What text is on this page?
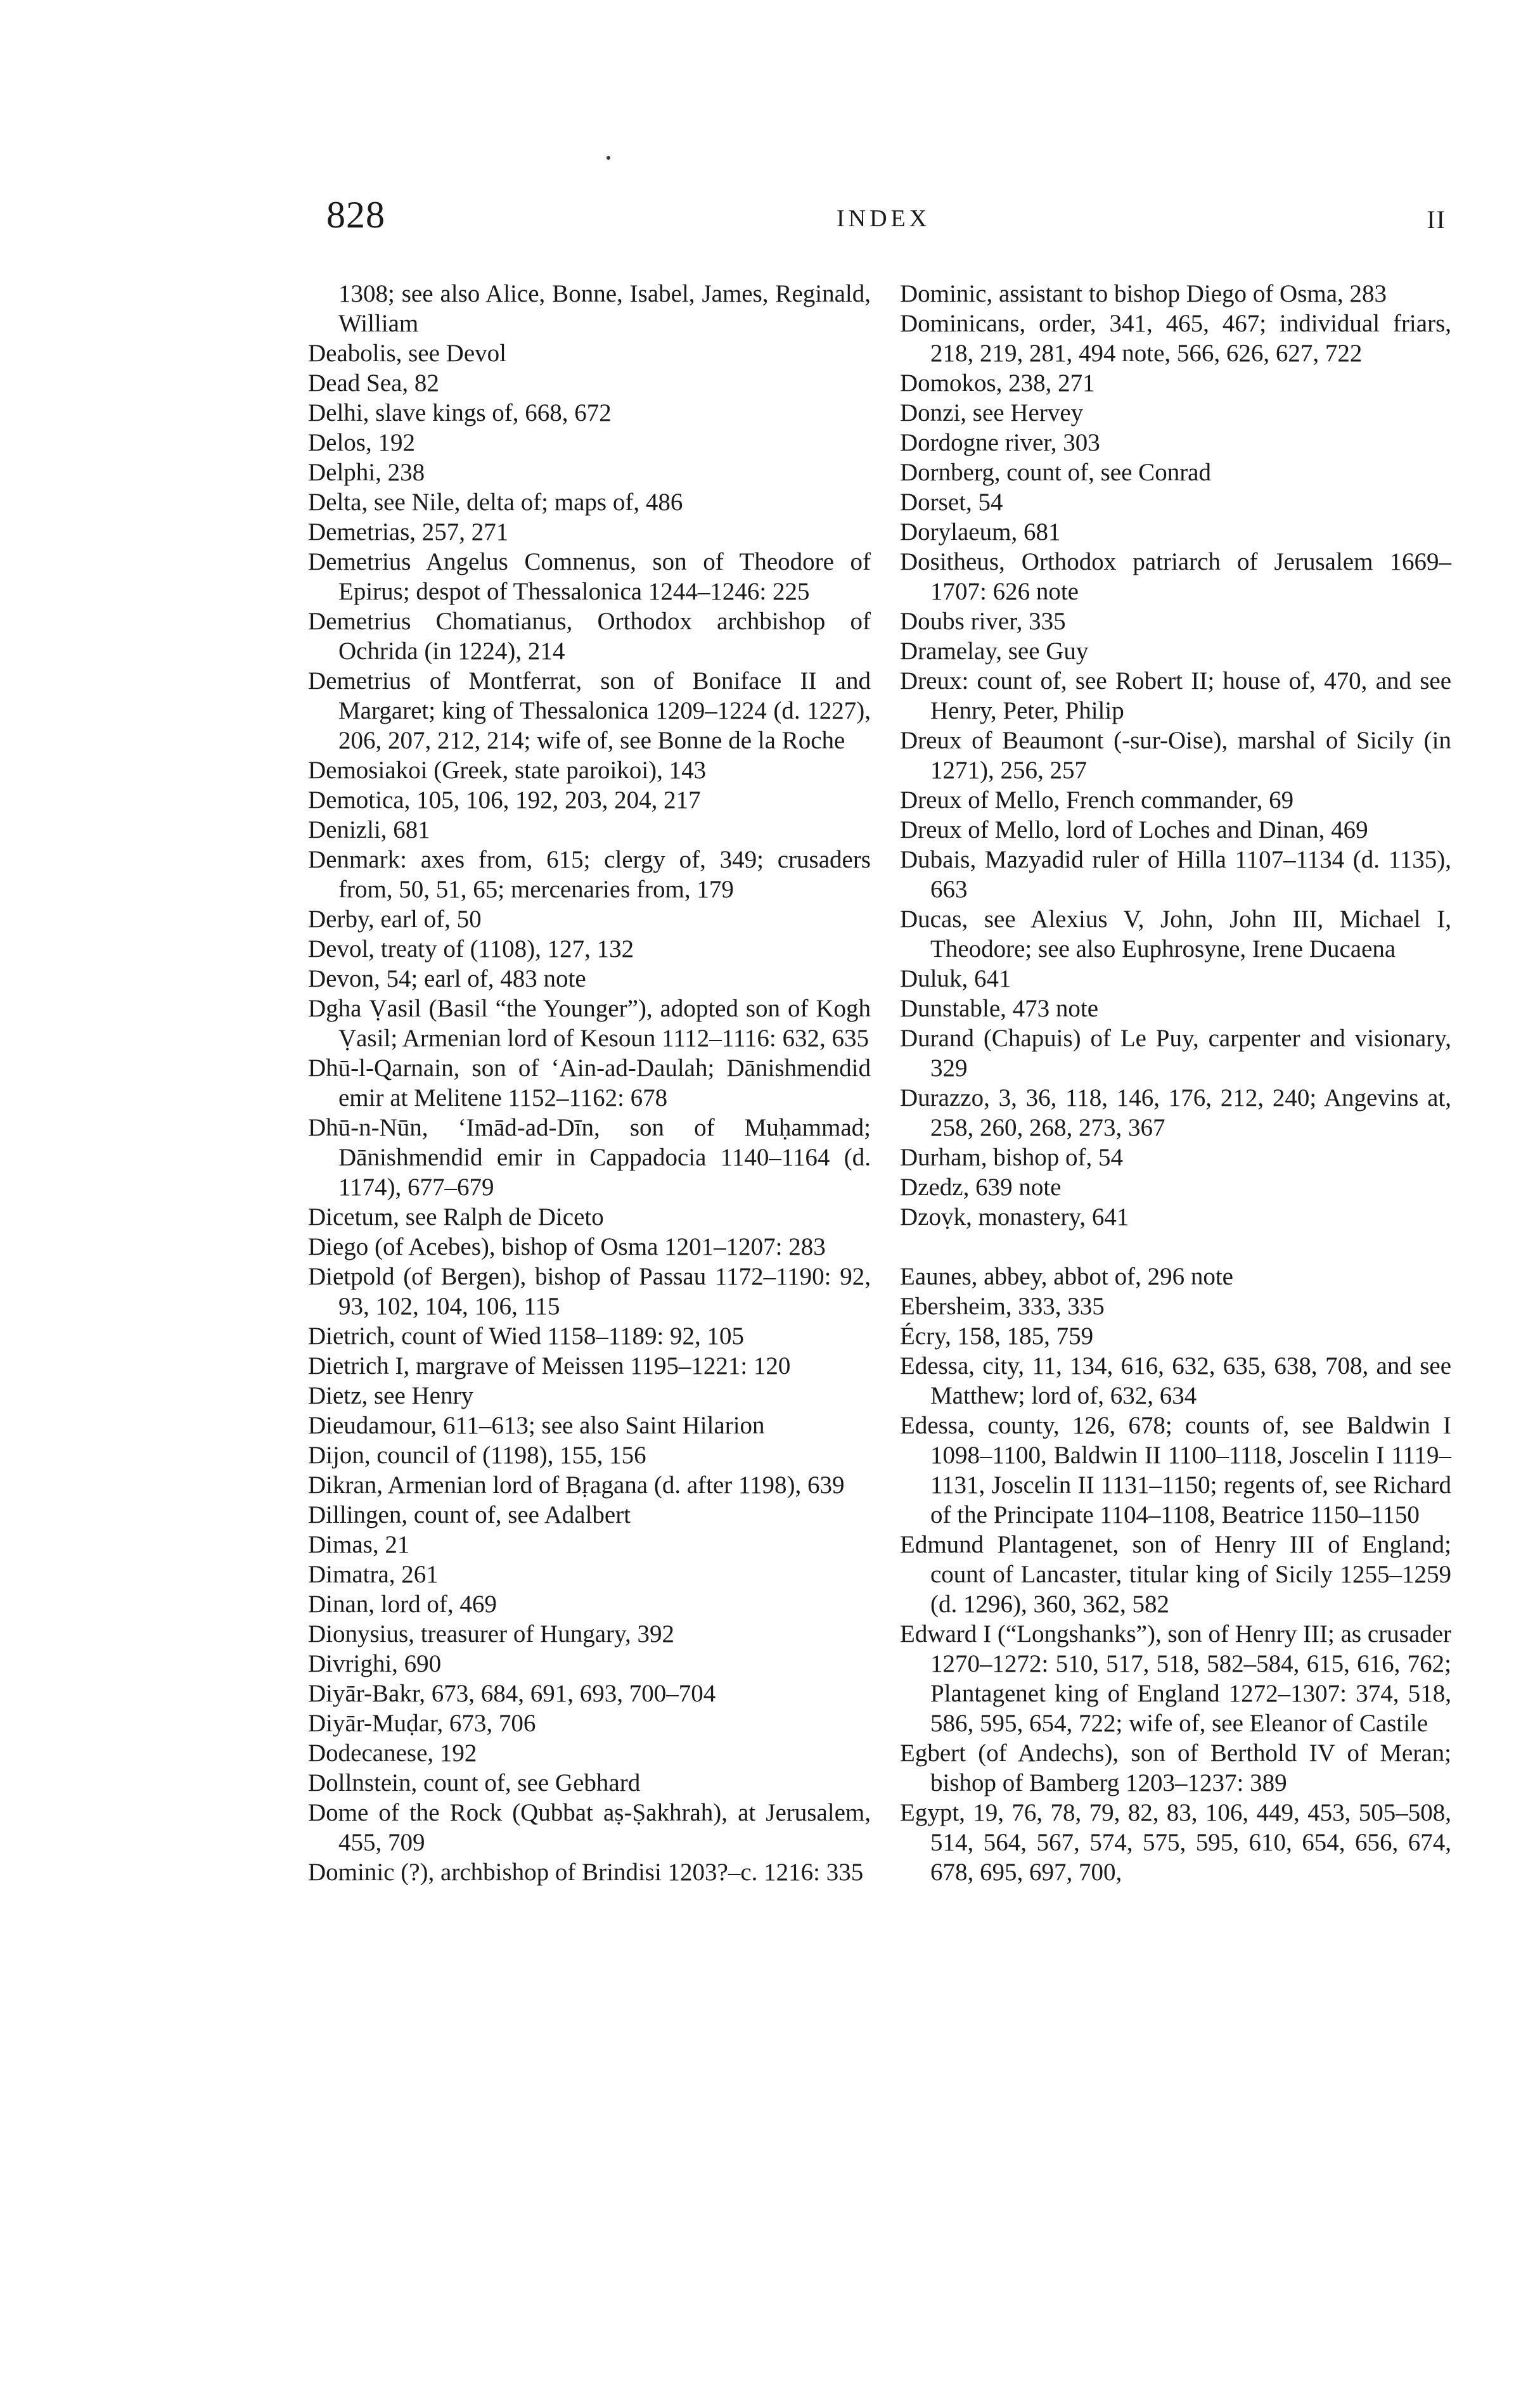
828	INDEX	II
1308; see also Alice, Bonne, Isabel, James, Reginald, William
Deabolis, see Devol
Dead Sea, 82
Delhi, slave kings of, 668, 672
Delos, 192
Delphi, 238
Delta, see Nile, delta of; maps of, 486
Demetrias, 257, 271
Demetrius Angelus Comnenus, son of Theodore of Epirus; despot of Thessalonica 1244–1246: 225
Demetrius Chomatianus, Orthodox archbishop of Ochrida (in 1224), 214
Demetrius of Montferrat, son of Boniface II and Margaret; king of Thessalonica 1209–1224 (d. 1227), 206, 207, 212, 214; wife of, see Bonne de la Roche
Demosiakoi (Greek, state paroikoi), 143
Demotica, 105, 106, 192, 203, 204, 217
Denizli, 681
Denmark: axes from, 615; clergy of, 349; crusaders from, 50, 51, 65; mercenaries from, 179
Derby, earl of, 50
Devol, treaty of (1108), 127, 132
Devon, 54; earl of, 483 note
Dgha Ṿasil (Basil “the Younger”), adopted son of Kogh Ṿasil; Armenian lord of Kesoun 1112–1116: 632, 635
Dhū-l-Qarnain, son of ‘Ain-ad-Daulah; Dānishmendid emir at Melitene 1152–1162: 678
Dhū-n-Nūn, ‘Imād-ad-Dīn, son of Muḥammad; Dānishmendid emir in Cappadocia 1140–1164 (d. 1174), 677–679
Dicetum, see Ralph de Diceto
Diego (of Acebes), bishop of Osma 1201–1207: 283
Dietpold (of Bergen), bishop of Passau 1172–1190: 92, 93, 102, 104, 106, 115
Dietrich, count of Wied 1158–1189: 92, 105
Dietrich I, margrave of Meissen 1195–1221: 120
Dietz, see Henry
Dieudamour, 611–613; see also Saint Hilarion
Dijon, council of (1198), 155, 156
Dikran, Armenian lord of Bṛagana (d. after 1198), 639
Dillingen, count of, see Adalbert
Dimas, 21
Dimatra, 261
Dinan, lord of, 469
Dionysius, treasurer of Hungary, 392
Divrighi, 690
Diyār-Bakr, 673, 684, 691, 693, 700–704
Diyār-Muḍar, 673, 706
Dodecanese, 192
Dollnstein, count of, see Gebhard
Dome of the Rock (Qubbat aṣ-Ṣakhrah), at Jerusalem, 455, 709
Dominic (?), archbishop of Brindisi 1203?–c. 1216: 335
Dominic, assistant to bishop Diego of Osma, 283
Dominicans, order, 341, 465, 467; individual friars, 218, 219, 281, 494 note, 566, 626, 627, 722
Domokos, 238, 271
Donzi, see Hervey
Dordogne river, 303
Dornberg, count of, see Conrad
Dorset, 54
Dorylaeum, 681
Dositheus, Orthodox patriarch of Jerusalem 1669–1707: 626 note
Doubs river, 335
Dramelay, see Guy
Dreux: count of, see Robert II; house of, 470, and see Henry, Peter, Philip
Dreux of Beaumont (-sur-Oise), marshal of Sicily (in 1271), 256, 257
Dreux of Mello, French commander, 69
Dreux of Mello, lord of Loches and Dinan, 469
Dubais, Mazyadid ruler of Hilla 1107–1134 (d. 1135), 663
Ducas, see Alexius V, John, John III, Michael I, Theodore; see also Euphrosyne, Irene Ducaena
Duluk, 641
Dunstable, 473 note
Durand (Chapuis) of Le Puy, carpenter and visionary, 329
Durazzo, 3, 36, 118, 146, 176, 212, 240; Angevins at, 258, 260, 268, 273, 367
Durham, bishop of, 54
Dzedz, 639 note
Dzoṿk, monastery, 641
Eaunes, abbey, abbot of, 296 note
Ebersheim, 333, 335
Écry, 158, 185, 759
Edessa, city, 11, 134, 616, 632, 635, 638, 708, and see Matthew; lord of, 632, 634
Edessa, county, 126, 678; counts of, see Baldwin I 1098–1100, Baldwin II 1100–1118, Joscelin I 1119–1131, Joscelin II 1131–1150; regents of, see Richard of the Principate 1104–1108, Beatrice 1150–1150
Edmund Plantagenet, son of Henry III of England; count of Lancaster, titular king of Sicily 1255–1259 (d. 1296), 360, 362, 582
Edward I (“Longshanks”), son of Henry III; as crusader 1270–1272: 510, 517, 518, 582–584, 615, 616, 762; Plantagenet king of England 1272–1307: 374, 518, 586, 595, 654, 722; wife of, see Eleanor of Castile
Egbert (of Andechs), son of Berthold IV of Meran; bishop of Bamberg 1203–1237: 389
Egypt, 19, 76, 78, 79, 82, 83, 106, 449, 453, 505–508, 514, 564, 567, 574, 575, 595, 610, 654, 656, 674, 678, 695, 697, 700,
